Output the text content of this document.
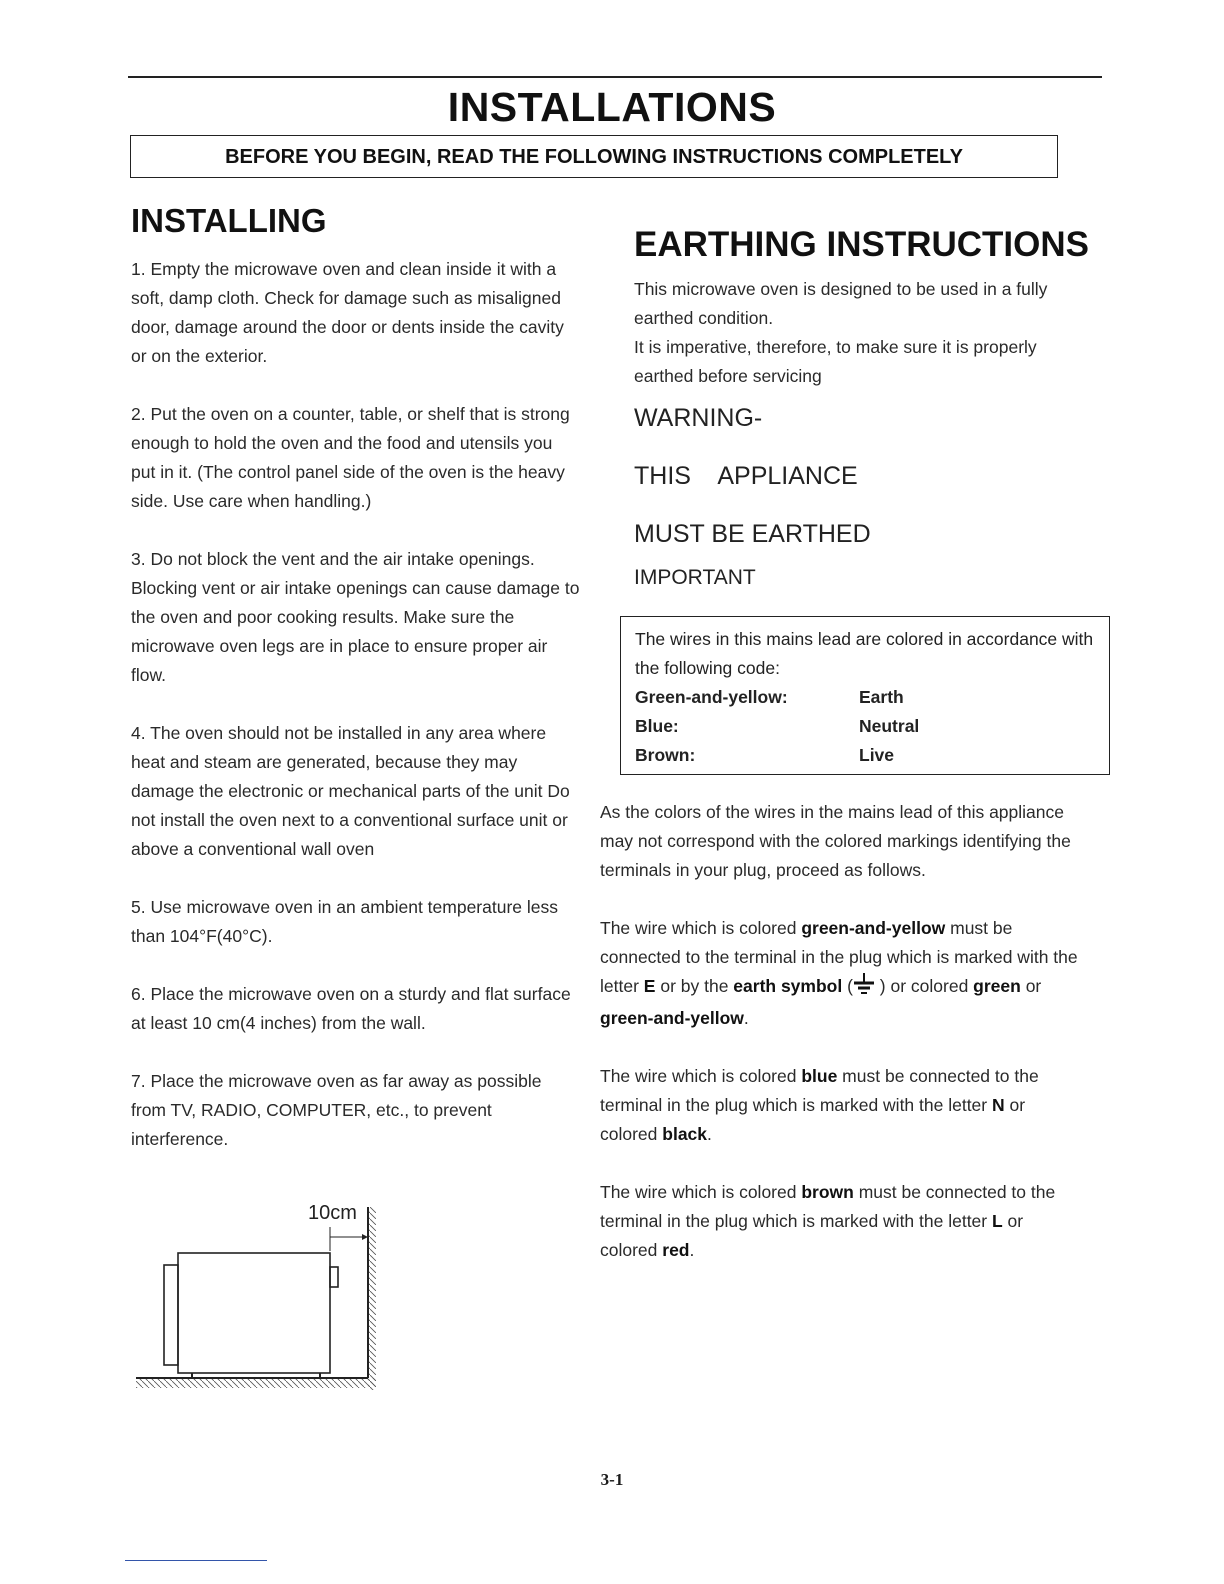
INSTALLATIONS
BEFORE YOU BEGIN, READ THE FOLLOWING INSTRUCTIONS COMPLETELY
INSTALLING

1. Empty the microwave oven and clean inside it with a soft, damp cloth. Check for damage such as misaligned door, damage around the door or dents inside the cavity or on the exterior.

2. Put the oven on a counter, table, or shelf that is strong enough to hold the oven and the food and utensils you put in it. (The control panel side of the oven is the heavy side. Use care when handling.)

3. Do not block the vent and the air intake openings. Blocking vent or air intake openings can cause damage to the oven and poor cooking results. Make sure the microwave oven legs are in place to ensure proper air flow.

4. The oven should not be installed in any area where heat and steam are generated, because they may damage the electronic or mechanical parts of the unit Do not install the oven next to a conventional surface unit or above a conventional wall oven

5. Use microwave oven in an ambient temperature less than 104°F(40°C).

6. Place the microwave oven on a sturdy and flat surface at least 10 cm(4 inches) from the wall.

7. Place the microwave oven as far away as possible from TV, RADIO, COMPUTER, etc., to prevent interference.

10cm
EARTHING INSTRUCTIONS
This microwave oven is designed to be used in a fully earthed condition.
It is imperative, therefore, to make sure it is properly earthed before servicing
WARNING-
THIS    APPLIANCE
MUST BE EARTHED
IMPORTANT
The wires in this mains lead are colored in accordance with the following code:
Green-and-yellow:	Earth
Blue:	Neutral
Brown:	Live

As the colors of the wires in the mains lead of this appliance may not correspond with the colored markings identifying the terminals in your plug, proceed as follows.

The wire which is colored green-and-yellow must be connected to the terminal in the plug which is marked with the letter E or by the earth symbol ( ) or colored green or green-and-yellow.

The wire which is colored blue must be connected to the terminal in the plug which is marked with the letter N or colored black.

The wire which is colored brown must be connected to the terminal in the plug which is marked with the letter L or colored red.

3-1
